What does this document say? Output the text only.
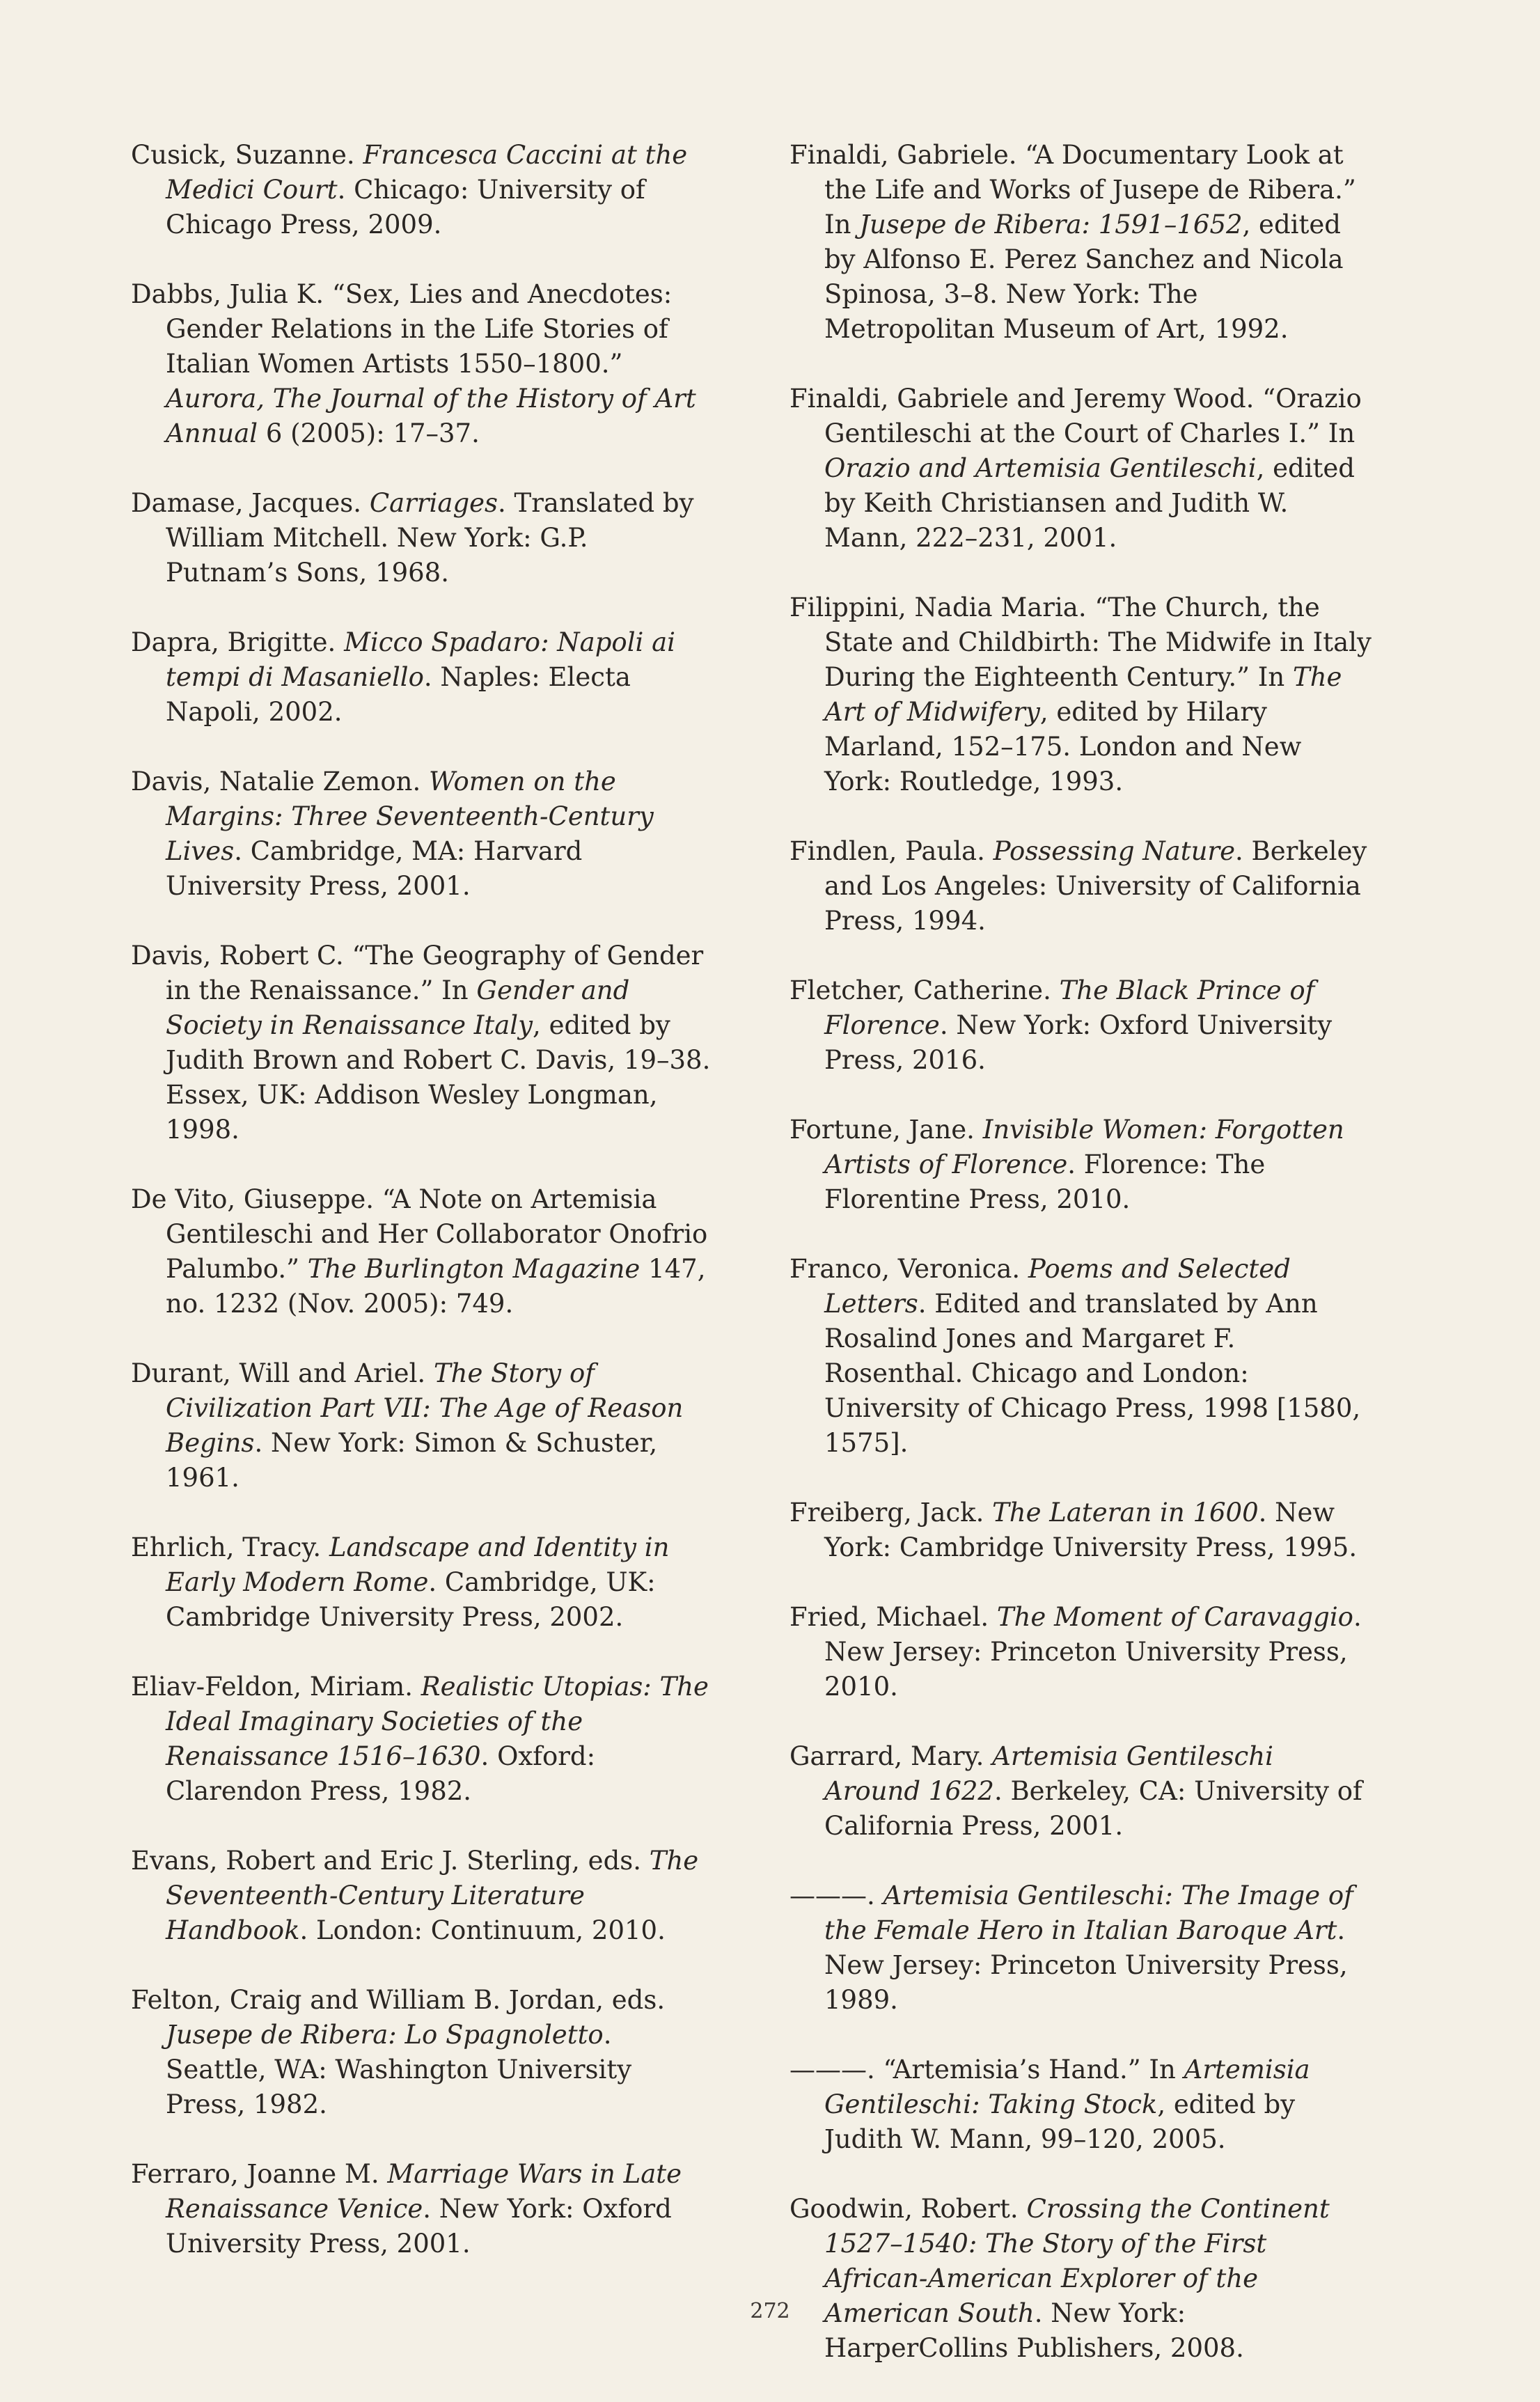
Cusick, Suzanne. Francesca Caccini at the Medici Court. Chicago: University of Chicago Press, 2009.

Dabbs, Julia K. “Sex, Lies and Anecdotes: Gender Relations in the Life Stories of Italian Women Artists 1550–1800.” Aurora, The Journal of the History of Art Annual 6 (2005): 17–37.

Damase, Jacques. Carriages. Translated by William Mitchell. New York: G.P. Putnam’s Sons, 1968.

Dapra, Brigitte. Micco Spadaro: Napoli ai tempi di Masaniello. Naples: Electa Napoli, 2002.

Davis, Natalie Zemon. Women on the Margins: Three Seventeenth-Century Lives. Cambridge, MA: Harvard University Press, 2001.

Davis, Robert C. “The Geography of Gender in the Renaissance.” In Gender and Society in Renaissance Italy, edited by Judith Brown and Robert C. Davis, 19–38. Essex, UK: Addison Wesley Longman, 1998.

De Vito, Giuseppe. “A Note on Artemisia Gentileschi and Her Collaborator Onofrio Palumbo.” The Burlington Magazine 147, no. 1232 (Nov. 2005): 749.

Durant, Will and Ariel. The Story of Civilization Part VII: The Age of Reason Begins. New York: Simon & Schuster, 1961.

Ehrlich, Tracy. Landscape and Identity in Early Modern Rome. Cambridge, UK: Cambridge University Press, 2002.

Eliav-Feldon, Miriam. Realistic Utopias: The Ideal Imaginary Societies of the Renaissance 1516–1630. Oxford: Clarendon Press, 1982.

Evans, Robert and Eric J. Sterling, eds. The Seventeenth-Century Literature Handbook. London: Continuum, 2010.

Felton, Craig and William B. Jordan, eds. Jusepe de Ribera: Lo Spagnoletto. Seattle, WA: Washington University Press, 1982.

Ferraro, Joanne M. Marriage Wars in Late Renaissance Venice. New York: Oxford University Press, 2001.

Finaldi, Gabriele. “A Documentary Look at the Life and Works of Jusepe de Ribera.” In Jusepe de Ribera: 1591–1652, edited by Alfonso E. Perez Sanchez and Nicola Spinosa, 3–8. New York: The Metropolitan Museum of Art, 1992.

Finaldi, Gabriele and Jeremy Wood. “Orazio Gentileschi at the Court of Charles I.” In Orazio and Artemisia Gentileschi, edited by Keith Christiansen and Judith W. Mann, 222–231, 2001.

Filippini, Nadia Maria. “The Church, the State and Childbirth: The Midwife in Italy During the Eighteenth Century.” In The Art of Midwifery, edited by Hilary Marland, 152–175. London and New York: Routledge, 1993.

Findlen, Paula. Possessing Nature. Berkeley and Los Angeles: University of California Press, 1994.

Fletcher, Catherine. The Black Prince of Florence. New York: Oxford University Press, 2016.

Fortune, Jane. Invisible Women: Forgotten Artists of Florence. Florence: The Florentine Press, 2010.

Franco, Veronica. Poems and Selected Letters. Edited and translated by Ann Rosalind Jones and Margaret F. Rosenthal. Chicago and London: University of Chicago Press, 1998 [1580, 1575].

Freiberg, Jack. The Lateran in 1600. New York: Cambridge University Press, 1995.

Fried, Michael. The Moment of Caravaggio. New Jersey: Princeton University Press, 2010.

Garrard, Mary. Artemisia Gentileschi Around 1622. Berkeley, CA: University of California Press, 2001.

———. Artemisia Gentileschi: The Image of the Female Hero in Italian Baroque Art. New Jersey: Princeton University Press, 1989.

———. “Artemisia’s Hand.” In Artemisia Gentileschi: Taking Stock, edited by Judith W. Mann, 99–120, 2005.

Goodwin, Robert. Crossing the Continent 1527–1540: The Story of the First African-American Explorer of the American South. New York: HarperCollins Publishers, 2008.

272
